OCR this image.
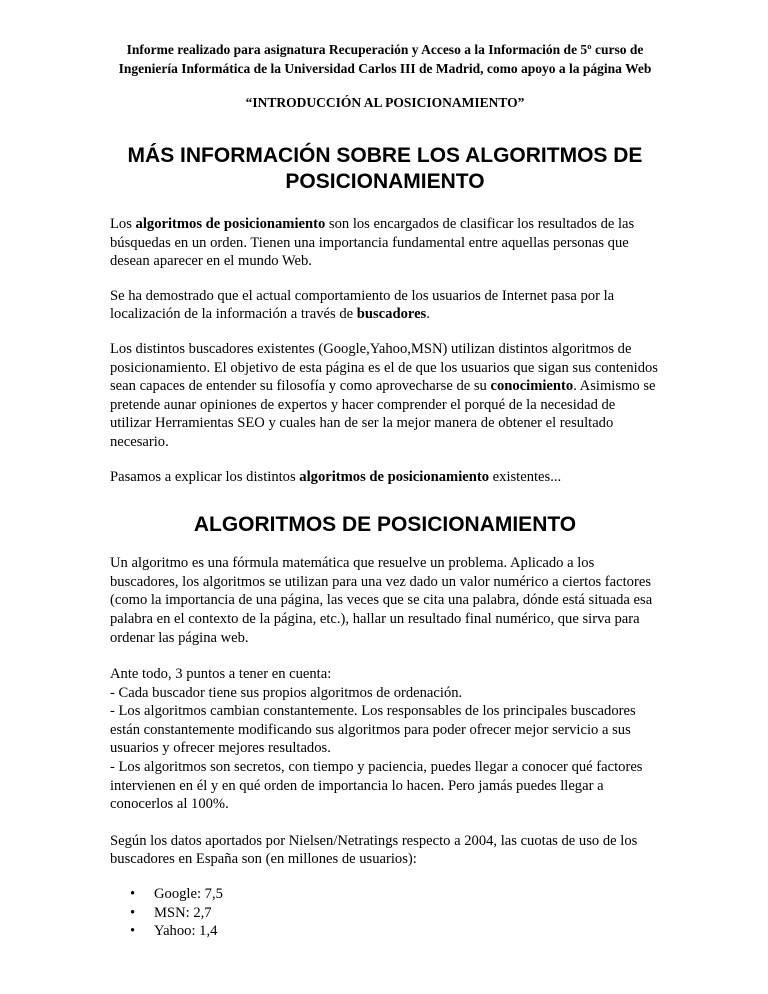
Informe realizado para asignatura Recuperación y Acceso a la Información de 5º curso de Ingeniería Informática de la Universidad Carlos III de Madrid, como apoyo a la página Web
“INTRODUCCIÓN AL POSICIONAMIENTO”
MÁS INFORMACIÓN SOBRE LOS ALGORITMOS DE POSICIONAMIENTO

Los algoritmos de posicionamiento son los encargados de clasificar los resultados de las búsquedas en un orden. Tienen una importancia fundamental entre aquellas personas que desean aparecer en el mundo Web.

Se ha demostrado que el actual comportamiento de los usuarios de Internet pasa por la localización de la información a través de buscadores.

Los distintos buscadores existentes (Google,Yahoo,MSN) utilizan distintos algoritmos de posicionamiento. El objetivo de esta página es el de que los usuarios que sigan sus contenidos sean capaces de entender su filosofía y como aprovecharse de su conocimiento. Asimismo se pretende aunar opiniones de expertos y hacer comprender el porqué de la necesidad de utilizar Herramientas SEO y cuales han de ser la mejor manera de obtener el resultado necesario.

Pasamos a explicar los distintos algoritmos de posicionamiento existentes...

ALGORITMOS DE POSICIONAMIENTO

Un algoritmo es una fórmula matemática que resuelve un problema. Aplicado a los buscadores, los algoritmos se utilizan para una vez dado un valor numérico a ciertos factores (como la importancia de una página, las veces que se cita una palabra, dónde está situada esa palabra en el contexto de la página, etc.), hallar un resultado final numérico, que sirva para ordenar las página web.

Ante todo, 3 puntos a tener en cuenta:
- Cada buscador tiene sus propios algoritmos de ordenación.
- Los algoritmos cambian constantemente. Los responsables de los principales buscadores están constantemente modificando sus algoritmos para poder ofrecer mejor servicio a sus usuarios y ofrecer mejores resultados.
- Los algoritmos son secretos, con tiempo y paciencia, puedes llegar a conocer qué factores intervienen en él y en qué orden de importancia lo hacen. Pero jamás puedes llegar a conocerlos al 100%.

Según los datos aportados por Nielsen/Netratings respecto a 2004, las cuotas de uso de los buscadores en España son (en millones de usuarios):

• Google: 7,5
• MSN: 2,7
• Yahoo: 1,4
